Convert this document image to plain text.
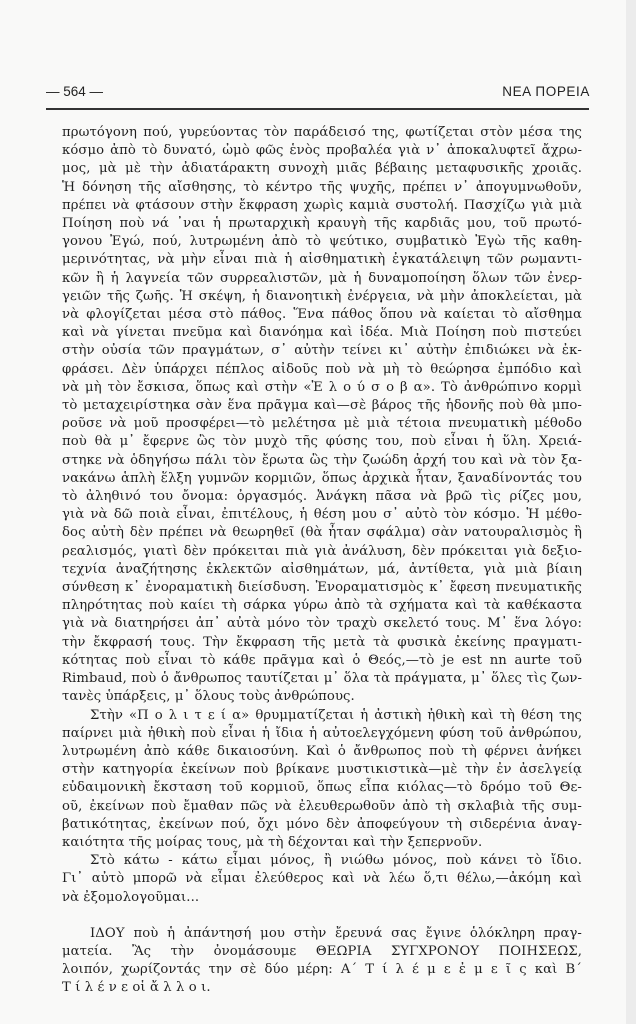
— 564 —	ΝΕΑ ΠΟΡΕΙΑ
πρωτόγονη πού, γυρεύοντας τὸν παράδεισό της, φωτίζεται στὸν μέσα της
κόσμο ἀπὸ τὸ δυνατό, ὠμὸ φῶς ἑνὸς προβαλέα γιὰ ν᾽ ἀποκαλυφτεῖ ἄχρω-
μος, μὰ μὲ τὴν ἀδιατάρακτη συνοχὴ μιᾶς βέβαιης μεταφυσικῆς χροιᾶς.
Ἡ δόνηση τῆς αἴσθησης, τὸ κέντρο τῆς ψυχῆς, πρέπει ν᾽ ἀπογυμνωθοῦν,
πρέπει νὰ φτάσουν στὴν ἔκφραση χωρὶς καμιὰ συστολή. Πασχίζω γιὰ μιὰ
Ποίηση ποὺ νά ᾽ναι ἡ πρωταρχικὴ κραυγὴ τῆς καρδιᾶς μου, τοῦ πρωτό-
γονου Ἐγώ, πού, λυτρωμένη ἀπὸ τὸ ψεύτικο, συμβατικὸ Ἐγὼ τῆς καθη-
μερινότητας, νὰ μὴν εἶναι πιὰ ἡ αἰσθηματικὴ ἐγκατάλειψη τῶν ρωμαντι-
κῶν ἢ ἡ λαγνεία τῶν συρρεαλιστῶν, μὰ ἡ δυναμοποίηση ὅλων τῶν ἐνερ-
γειῶν τῆς ζωῆς. Ἡ σκέψη, ἡ διανοητικὴ ἐνέργεια, νὰ μὴν ἀποκλείεται, μὰ
νὰ φλογίζεται μέσα στὸ πάθος. Ἕνα πάθος ὅπου νὰ καίεται τὸ αἴσθημα
καὶ νὰ γίνεται πνεῦμα καὶ διανόημα καὶ ἰδέα. Μιὰ Ποίηση ποὺ πιστεύει
στὴν οὐσία τῶν πραγμάτων, σ᾽ αὐτὴν τείνει κι᾽ αὐτὴν ἐπιδιώκει νὰ ἐκ-
φράσει. Δὲν ὑπάρχει πέπλος αἰδοῦς ποὺ νὰ μὴ τὸ θεώρησα ἐμπόδιο καὶ
νὰ μὴ τὸν ἔσκισα, ὅπως καὶ στὴν «Ἐ λ ο ύ σ ο β α». Τὸ ἀνθρώπινο κορμὶ
τὸ μεταχειρίστηκα σὰν ἕνα πρᾶγμα καὶ—σὲ βάρος τῆς ἡδονῆς ποὺ θὰ μπο-
ροῦσε νὰ μοῦ προσφέρει—τὸ μελέτησα μὲ μιὰ τέτοια πνευματικὴ μέθοδο
ποὺ θὰ μ᾽ ἔφερνε ὣς τὸν μυχὸ τῆς φύσης του, ποὺ εἶναι ἡ ὕλη. Χρειά-
στηκε νὰ ὁδηγήσω πάλι τὸν ἔρωτα ὣς τὴν ζωώδη ἀρχή του καὶ νὰ τὸν ξα-
νακάνω ἁπλὴ ἕλξη γυμνῶν κορμιῶν, ὅπως ἀρχικὰ ἦταν, ξαναδίνοντάς του
τὸ ἀληθινό του ὄνομα: ὀργασμός. Ἀνάγκη πᾶσα νὰ βρῶ τὶς ρίζες μου,
γιὰ νὰ δῶ ποιὰ εἶναι, ἐπιτέλους, ἡ θέση μου σ᾽ αὐτὸ τὸν κόσμο. Ἡ μέθο-
δος αὐτὴ δὲν πρέπει νὰ θεωρηθεῖ (θὰ ἦταν σφάλμα) σὰν νατουραλισμὸς ἢ
ρεαλισμός, γιατὶ δὲν πρόκειται πιὰ γιὰ ἀνάλυση, δὲν πρόκειται γιὰ δεξιο-
τεχνία ἀναζήτησης ἐκλεκτῶν αἰσθημάτων, μά, ἀντίθετα, γιὰ μιὰ βίαιη
σύνθεση κ᾽ ἐνοραματικὴ διείσδυση. Ἐνοραματισμὸς κ᾽ ἔφεση πνευματικῆς
πληρότητας ποὺ καίει τὴ σάρκα γύρω ἀπὸ τὰ σχήματα καὶ τὰ καθέκαστα
γιὰ νὰ διατηρήσει ἀπ᾽ αὐτὰ μόνο τὸν τραχὺ σκελετό τους. Μ᾽ ἕνα λόγο:
τὴν ἔκφρασή τους. Τὴν ἔκφραση τῆς μετὰ τὰ φυσικὰ ἐκείνης πραγματι-
κότητας ποὺ εἶναι τὸ κάθε πρᾶγμα καὶ ὁ Θεός,—τὸ je est nn aurte τοῦ
Rimbaud, ποὺ ὁ ἄνθρωπος ταυτίζεται μ᾽ ὅλα τὰ πράγματα, μ᾽ ὅλες τὶς ζων-
τανὲς ὑπάρξεις, μ᾽ ὅλους τοὺς ἀνθρώπους.
Στὴν «Π ο λ ι τ ε ί α» θρυμματίζεται ἡ ἀστικὴ ἠθικὴ καὶ τὴ θέση της
παίρνει μιὰ ἠθικὴ ποὺ εἶναι ἡ ἴδια ἡ αὐτοελεγχόμενη φύση τοῦ ἀνθρώπου,
λυτρωμένη ἀπὸ κάθε δικαιοσύνη. Καὶ ὁ ἄνθρωπος ποὺ τὴ φέρνει ἀνήκει
στὴν κατηγορία ἐκείνων ποὺ βρίκανε μυστικιστικὰ—μὲ τὴν ἐν ἀσελγείᾳ
εὐδαιμονικὴ ἔκσταση τοῦ κορμιοῦ, ὅπως εἶπα κιόλας—τὸ δρόμο τοῦ Θε-
οῦ, ἐκείνων ποὺ ἔμαθαν πῶς νὰ ἐλευθερωθοῦν ἀπὸ τὴ σκλαβιὰ τῆς συμ-
βατικότητας, ἐκείνων πού, ὄχι μόνο δὲν ἀποφεύγουν τὴ σιδερένια ἀναγ-
καιότητα τῆς μοίρας τους, μὰ τὴ δέχονται καὶ τὴν ξεπερνοῦν.
Στὸ κάτω - κάτω εἶμαι μόνος, ἢ νιώθω μόνος, ποὺ κάνει τὸ ἴδιο.
Γι᾽ αὐτὸ μπορῶ νὰ εἶμαι ἐλεύθερος καὶ νὰ λέω ὅ,τι θέλω,—ἀκόμη καὶ
νὰ ἐξομολογοῦμαι...
ΙΔΟΥ ποὺ ἡ ἀπάντησή μου στὴν ἔρευνά σας ἔγινε ὁλόκληρη πραγ-
ματεία. Ἂς τὴν ὀνομάσουμε ΘΕΩΡΙΑ ΣΥΓΧΡΟΝΟΥ ΠΟΙΗΣΕΩΣ,
λοιπόν, χωρίζοντάς την σὲ δύο μέρη: Α΄ Τ ί λ έ μ ε ἐ μ ε ῖ ς καὶ Β΄
Τ ί λ έ ν ε οἱ ἄ λ λ ο ι.
